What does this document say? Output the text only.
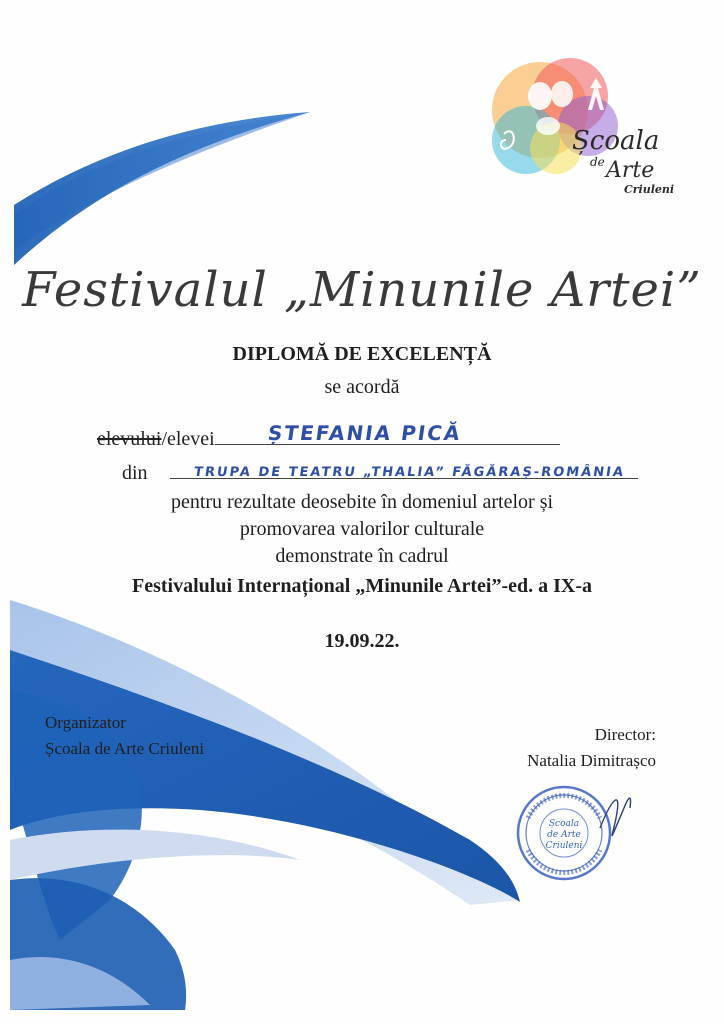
Școala
de Arte
Criuleni
Festivalul „Minunile Artei”
DIPLOMĂ DE EXCELENȚĂ
se acordă
elevului/elevei	ȘTEFANIA PICĂ
din	TRUPA DE TEATRU „THALIA” FĂGĂRAȘ-ROMÂNIA
pentru rezultate deosebite în domeniul artelor și
promovarea valorilor culturale
demonstrate în cadrul
Festivalului Internațional „Minunile Artei”-ed. a IX-a
19.09.22.
Organizator
Școala de Arte Criuleni
Director:
Natalia Dimitrașco
Școala
de Arte
Criuleni
